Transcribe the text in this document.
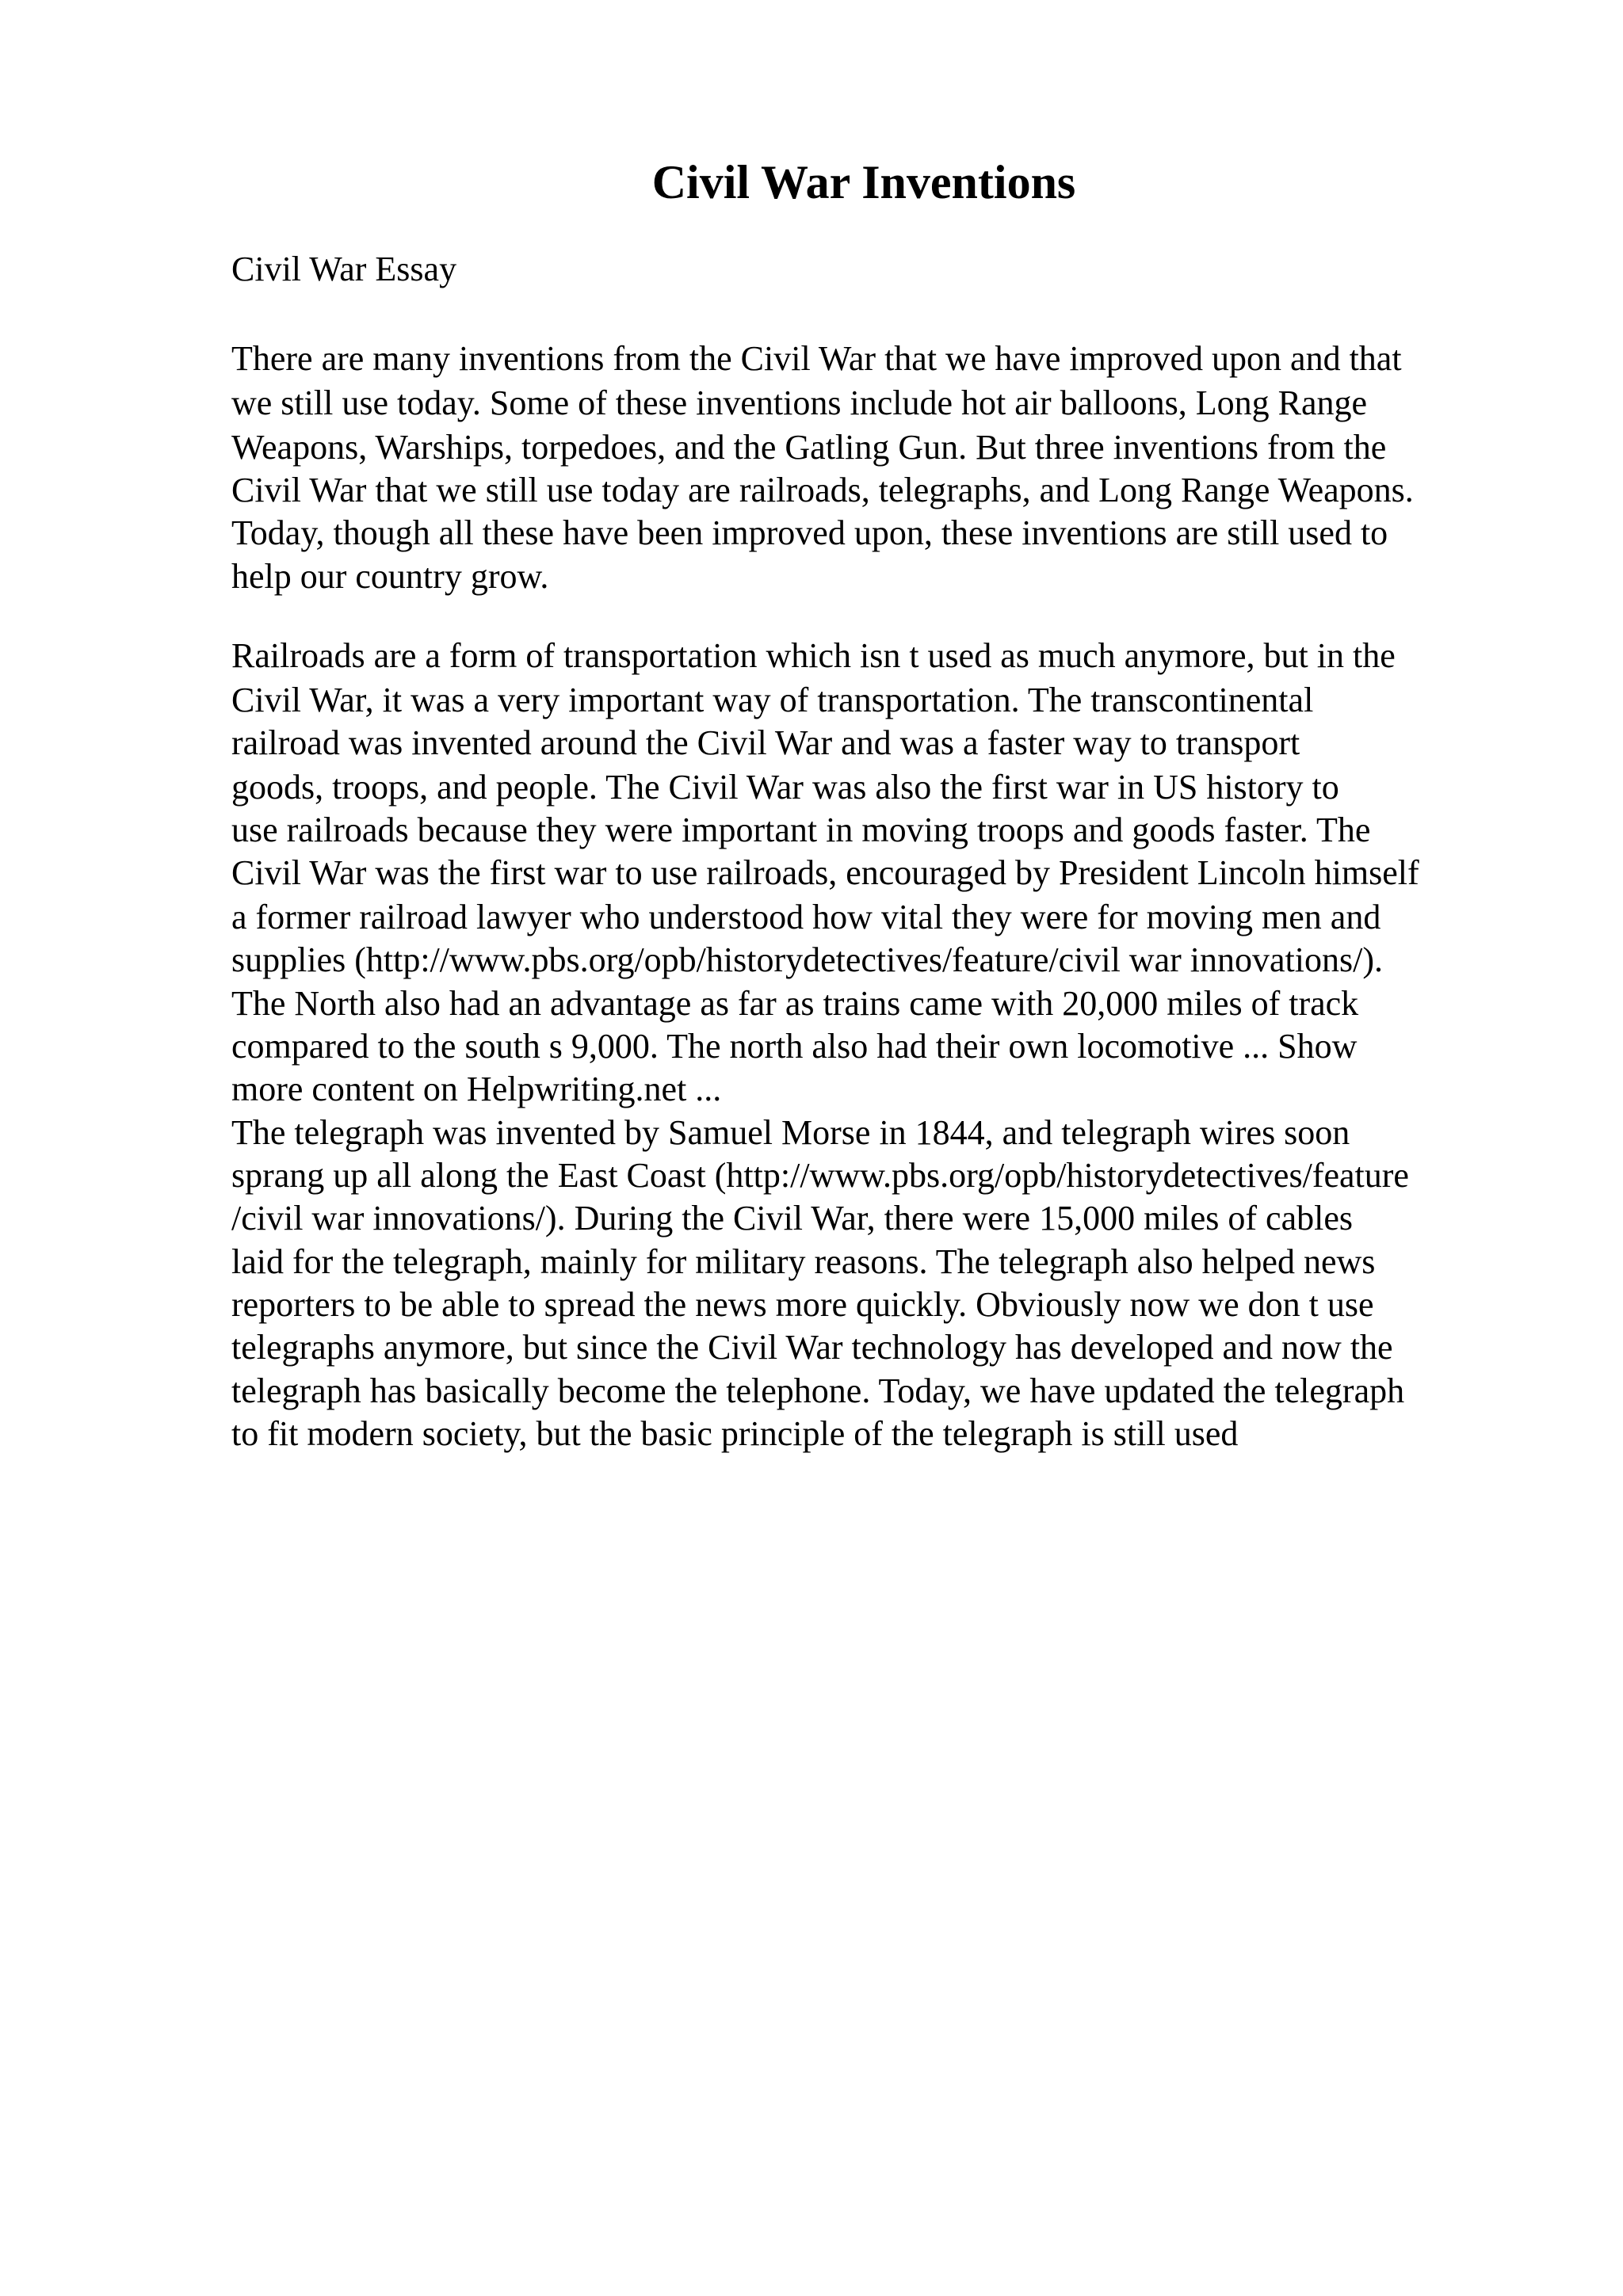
Civil War Inventions

Civil War Essay

There are many inventions from the Civil War that we have improved upon and that

we still use today. Some of these inventions include hot air balloons, Long Range

Weapons, Warships, torpedoes, and the Gatling Gun. But three inventions from the

Civil War that we still use today are railroads, telegraphs, and Long Range Weapons.

Today, though all these have been improved upon, these inventions are still used to

help our country grow.

Railroads are a form of transportation which isn t used as much anymore, but in the

Civil War, it was a very important way of transportation. The transcontinental

railroad was invented around the Civil War and was a faster way to transport

goods, troops, and people. The Civil War was also the first war in US history to

use railroads because they were important in moving troops and goods faster. The

Civil War was the first war to use railroads, encouraged by President Lincoln himself

a former railroad lawyer who understood how vital they were for moving men and

supplies (http://www.pbs.org/opb/historydetectives/feature/civil war innovations/).

The North also had an advantage as far as trains came with 20,000 miles of track

compared to the south s 9,000. The north also had their own locomotive ... Show

more content on Helpwriting.net ...

The telegraph was invented by Samuel Morse in 1844, and telegraph wires soon

sprang up all along the East Coast (http://www.pbs.org/opb/historydetectives/feature

/civil war innovations/). During the Civil War, there were 15,000 miles of cables

laid for the telegraph, mainly for military reasons. The telegraph also helped news

reporters to be able to spread the news more quickly. Obviously now we don t use

telegraphs anymore, but since the Civil War technology has developed and now the

telegraph has basically become the telephone. Today, we have updated the telegraph

to fit modern society, but the basic principle of the telegraph is still used
